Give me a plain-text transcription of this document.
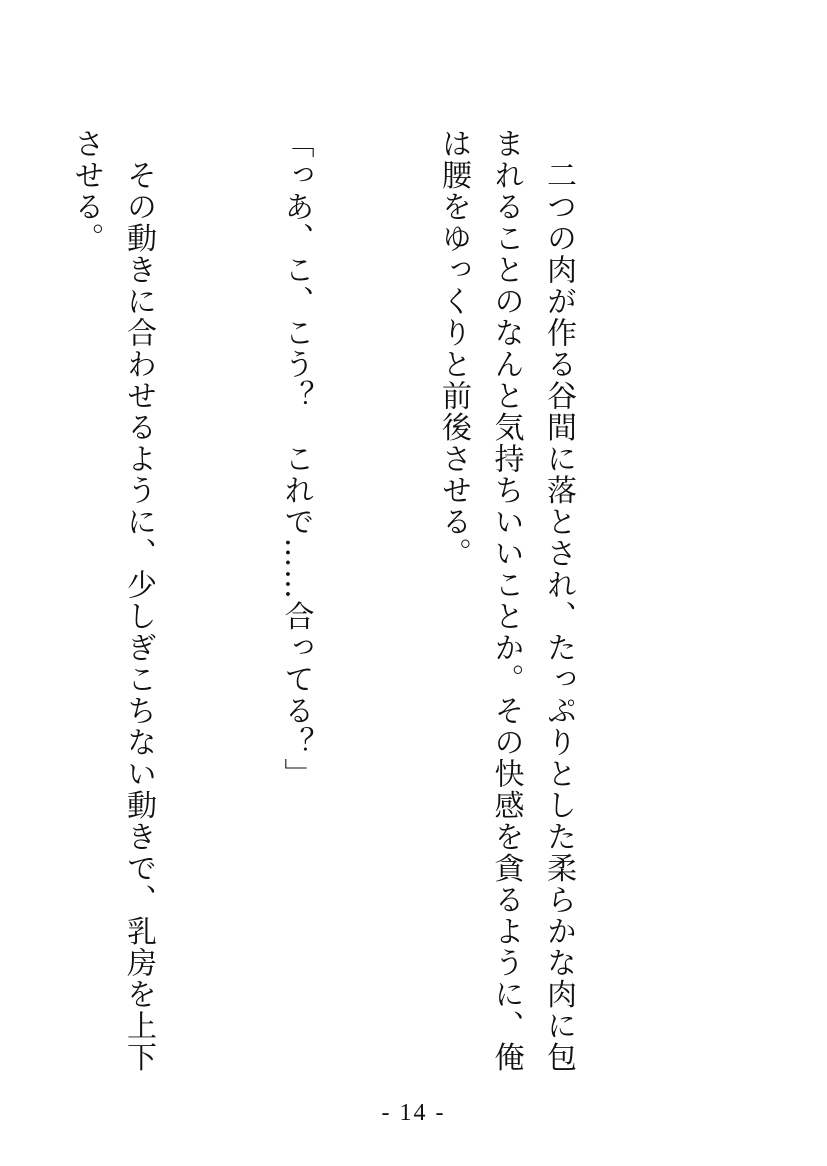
　二つの肉が作る谷間に落とされ、たっぷりとした柔らかな肉に包まれることのなんと気持ちいいことか。その快感を貪るように、俺は腰をゆっくりと前後させる。

「っあ、こ、こう？　これで……合ってる？」

　その動きに合わせるように、少しぎこちない動きで、乳房を上下させる。

- 14 -
